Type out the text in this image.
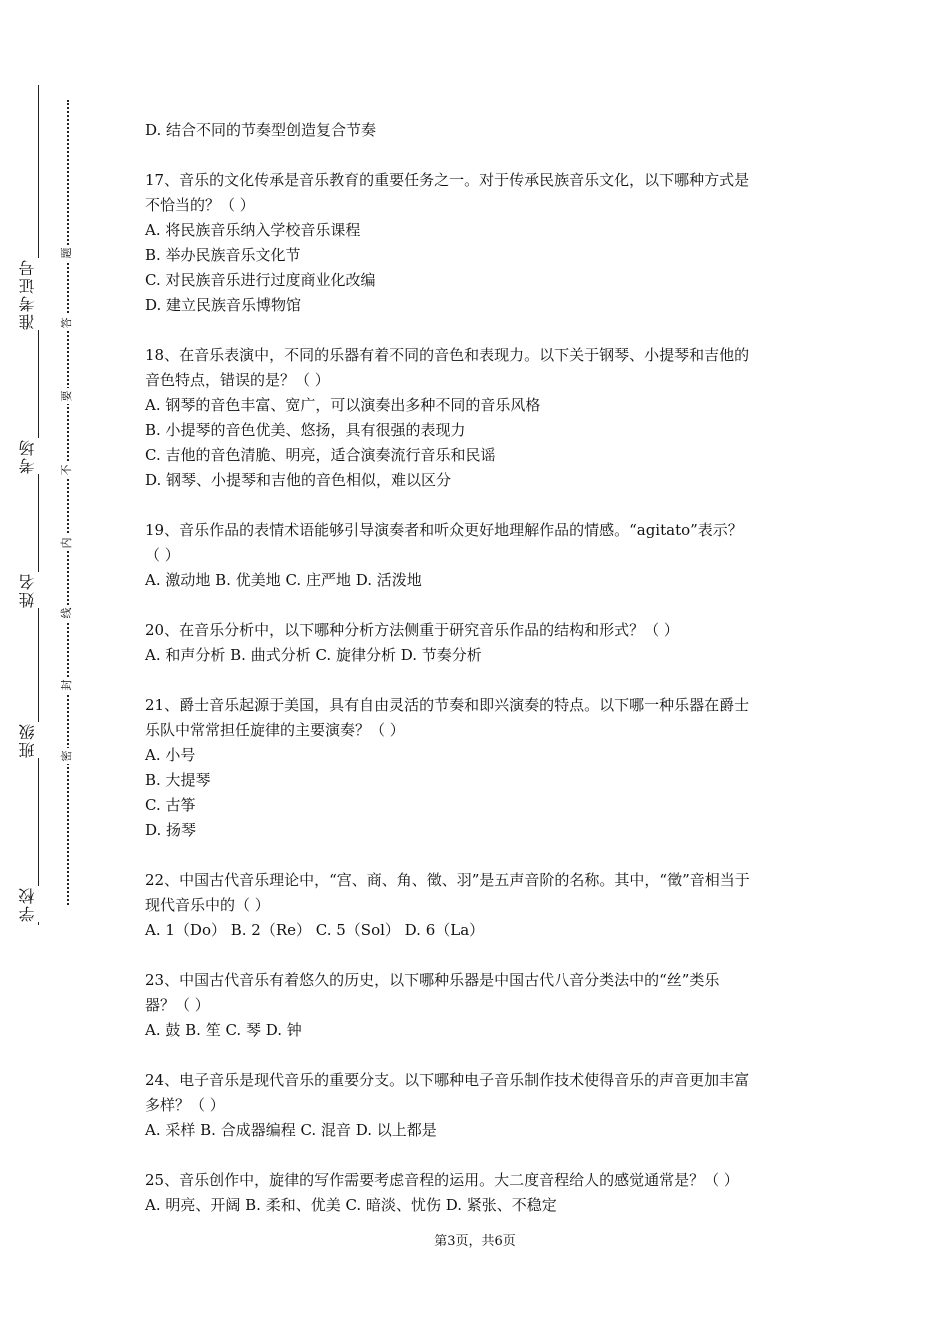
准考证号
考场
姓名
班级
学校
题
答
要
不
内
线
封
密
D. 结合不同的节奏型创造复合节奏
17、音乐的文化传承是音乐教育的重要任务之一。对于传承民族音乐文化，以下哪种方式是
不恰当的？（ ）
A. 将民族音乐纳入学校音乐课程
B. 举办民族音乐文化节
C. 对民族音乐进行过度商业化改编
D. 建立民族音乐博物馆
18、在音乐表演中，不同的乐器有着不同的音色和表现力。以下关于钢琴、小提琴和吉他的
音色特点，错误的是？（ ）
A. 钢琴的音色丰富、宽广，可以演奏出多种不同的音乐风格
B. 小提琴的音色优美、悠扬，具有很强的表现力
C. 吉他的音色清脆、明亮，适合演奏流行音乐和民谣
D. 钢琴、小提琴和吉他的音色相似，难以区分
19、音乐作品的表情术语能够引导演奏者和听众更好地理解作品的情感。“agitato”表示？
（ ）
A. 激动地 B. 优美地 C. 庄严地 D. 活泼地
20、在音乐分析中，以下哪种分析方法侧重于研究音乐作品的结构和形式？（ ）
A. 和声分析 B. 曲式分析 C. 旋律分析 D. 节奏分析
21、爵士音乐起源于美国，具有自由灵活的节奏和即兴演奏的特点。以下哪一种乐器在爵士
乐队中常常担任旋律的主要演奏？（ ）
A. 小号
B. 大提琴
C. 古筝
D. 扬琴
22、中国古代音乐理论中，“宫、商、角、徵、羽”是五声音阶的名称。其中，“徵”音相当于
现代音乐中的（ ）
A. 1（Do） B. 2（Re） C. 5（Sol） D. 6（La）
23、中国古代音乐有着悠久的历史，以下哪种乐器是中国古代八音分类法中的“丝”类乐
器？（ ）
A. 鼓 B. 笙 C. 琴 D. 钟
24、电子音乐是现代音乐的重要分支。以下哪种电子音乐制作技术使得音乐的声音更加丰富
多样？（ ）
A. 采样 B. 合成器编程 C. 混音 D. 以上都是
25、音乐创作中，旋律的写作需要考虑音程的运用。大二度音程给人的感觉通常是？（ ）
A. 明亮、开阔 B. 柔和、优美 C. 暗淡、忧伤 D. 紧张、不稳定
第3页，共6页
